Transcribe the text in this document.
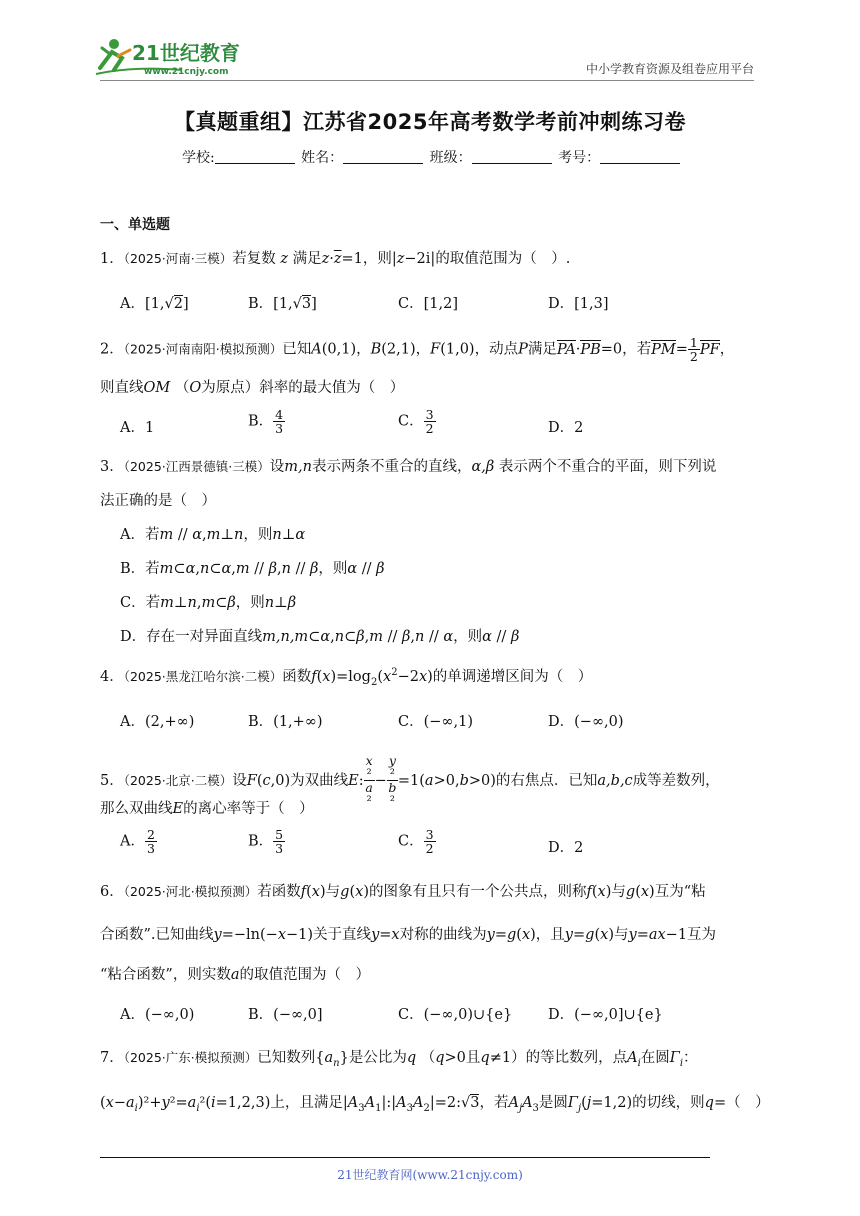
21世纪教育
www.21cnjy.com	中小学教育资源及组卷应用平台
【真题重组】江苏省2025年高考数学考前冲刺练习卷
学校:	姓名：	班级：	考号：
一、单选题
1．（2025·河南·三模）若复数 z 满足$z\cdot\overline{z}=1$，则|z−2i|的取值范围为（　）.
A．[1,√2]	B．[1,√3]	C．[1,2]	D．[1,3]
2．（2025·河南南阳·模拟预测）已知A(0,1)，B(2,1)，F(1,0)，动点P满足PA·PB=0，若$PM= \frac{1}{2}$ PF，
则直线OM （O为原点）斜率的最大值为（　）
A．1	B． $\frac{4}{3}$	C． $\frac{3}{2}$	D．2
3．（2025·江西景德镇·三模）设m,n表示两条不重合的直线，α,β 表示两个不重合的平面，则下列说
法正确的是（　）
A．若m // α,m⊥n，则n⊥α
B．若m⊂α,n⊂α,m // β,n // β，则α // β
C．若m⊥n,m⊂β，则n⊥β
D．存在一对异面直线m,n,m⊂α,n⊂β,m // β,n // α，则α // β
4．（2025·黑龙江哈尔滨·二模）函数$f(x)=\log_2(x^2-2x)$的单调递增区间为（　）
A．(2,+∞)	B．(1,+∞)	C．(−∞,1)	D．(−∞,0)
5．（2025·北京·二模）设F(c,0)为双曲线E: x
²
a
² − y
²
b
² =1(a>0,b>0)的右焦点．已知a,b,c成等差数列，
那么双曲线E的离心率等于（　）
A． $\frac{2}{3}$	B． $\frac{5}{3}$	C． $\frac{3}{2}$	D．2
6．（2025·河北·模拟预测）若函数f(x)与g(x)的图象有且只有一个公共点，则称f(x)与g(x)互为“粘
合函数”.已知曲线y=−ln(−x−1)关于直线y=x对称的曲线为y=g(x)，且y=g(x)与y=ax−1互为
“粘合函数”，则实数a的取值范围为（　）
A．(−∞,0)	B．(−∞,0]	C．(−∞,0)∪{e} D．(−∞,0]∪{e}
7．（2025·广东·模拟预测）已知数列$\{a_n\}$是公比为q （q>0且q≠1）的等比数列，点$A_i$在圆$\Gamma_i$：
$(x-a_i)^2+y^2=a_i^2(i=1,2,3)$上，且满足$|A_3A_1|:|A_3A_2|=2:√3$，若$A_jA_3$是圆$\Gamma_j(j=1,2)$的切线，则q=（　）
21世纪教育网(www.21cnjy.com)
